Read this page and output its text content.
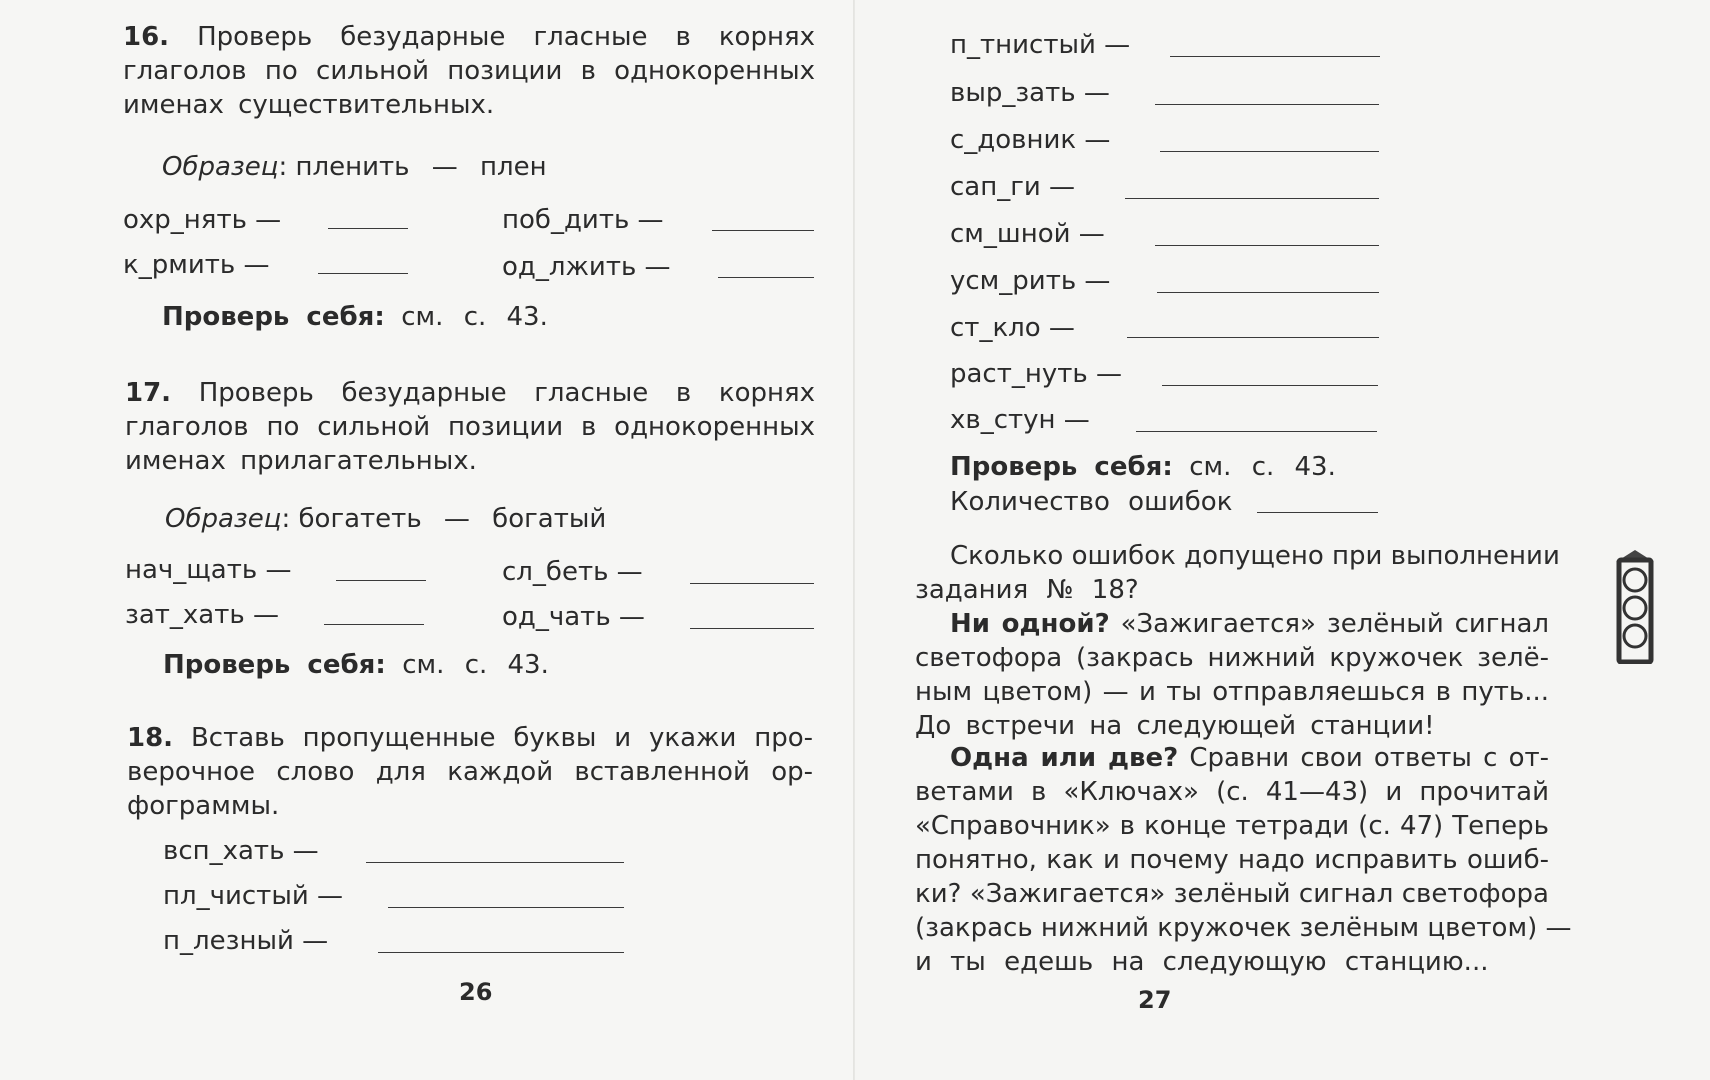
16. Проверь безударные гласные в корнях
глаголов по сильной позиции в однокоренных
именах существительных.
Образец: пленить — плен
охр_нять —	поб_дить —
к_рмить —	од_лжить —
Проверь себя: см. с. 43.
17. Проверь безударные гласные в корнях
глаголов по сильной позиции в однокоренных
именах прилагательных.
Образец: богатеть — богатый
нач_щать —	сл_беть —
зат_хать —	од_чать —
Проверь себя: см. с. 43.
18. Вставь пропущенные буквы и укажи про-
верочное слово для каждой вставленной ор-
фограммы.
всп_хать —
пл_чистый —
п_лезный —
26
п_тнистый —
выр_зать —
с_довник —
сап_ги —
см_шной —
усм_рить —
ст_кло —
раст_нуть —
хв_стун —
Проверь себя: см. с. 43.
Количество ошибок
Сколько ошибок допущено при выполнении
задания № 18?
Ни одной? «Зажигается» зелёный сигнал
светофора (закрась нижний кружочек зелё-
ным цветом) — и ты отправляешься в путь...
До встречи на следующей станции!
Одна или две? Сравни свои ответы с от-
ветами в «Ключах» (с. 41—43) и прочитай
«Справочник» в конце тетради (с. 47) Теперь
понятно, как и почему надо исправить ошиб-
ки? «Зажигается» зелёный сигнал светофора
(закрась нижний кружочек зелёным цветом) —
и ты едешь на следующую станцию...
27
